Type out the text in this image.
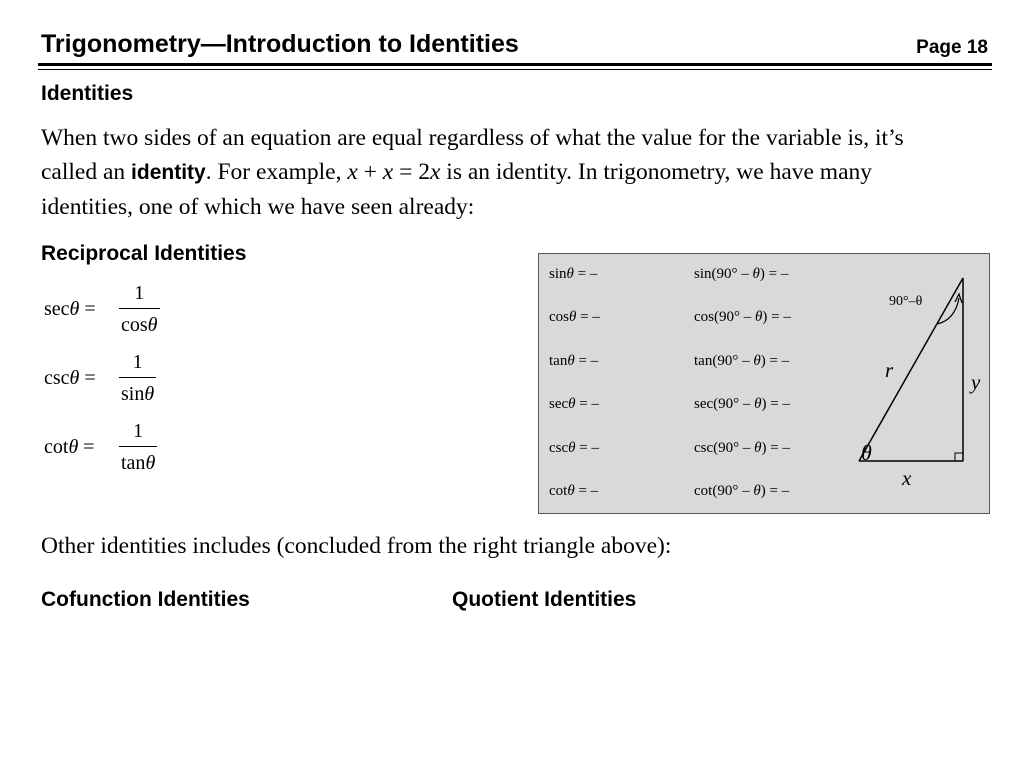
Trigonometry—Introduction to Identities	Page 18
Identities
When two sides of an equation are equal regardless of what the value for the variable is, it’s called an identity. For example, x + x = 2x is an identity. In trigonometry, we have many identities, one of which we have seen already:
Reciprocal Identities
secθ =
1
cosθ
cscθ =
1
sinθ
cotθ =
1
tanθ
sinθ = –	sin(90° – θ) = –
cosθ = –	cos(90° – θ) = –
tanθ = –	tan(90° – θ) = –
secθ = –	sec(90° – θ) = –
cscθ = –	csc(90° – θ) = –
cotθ = –	cot(90° – θ) = –
90°–θ
r	y
θ
x
Other identities includes (concluded from the right triangle above):
Cofunction Identities	Quotient Identities
